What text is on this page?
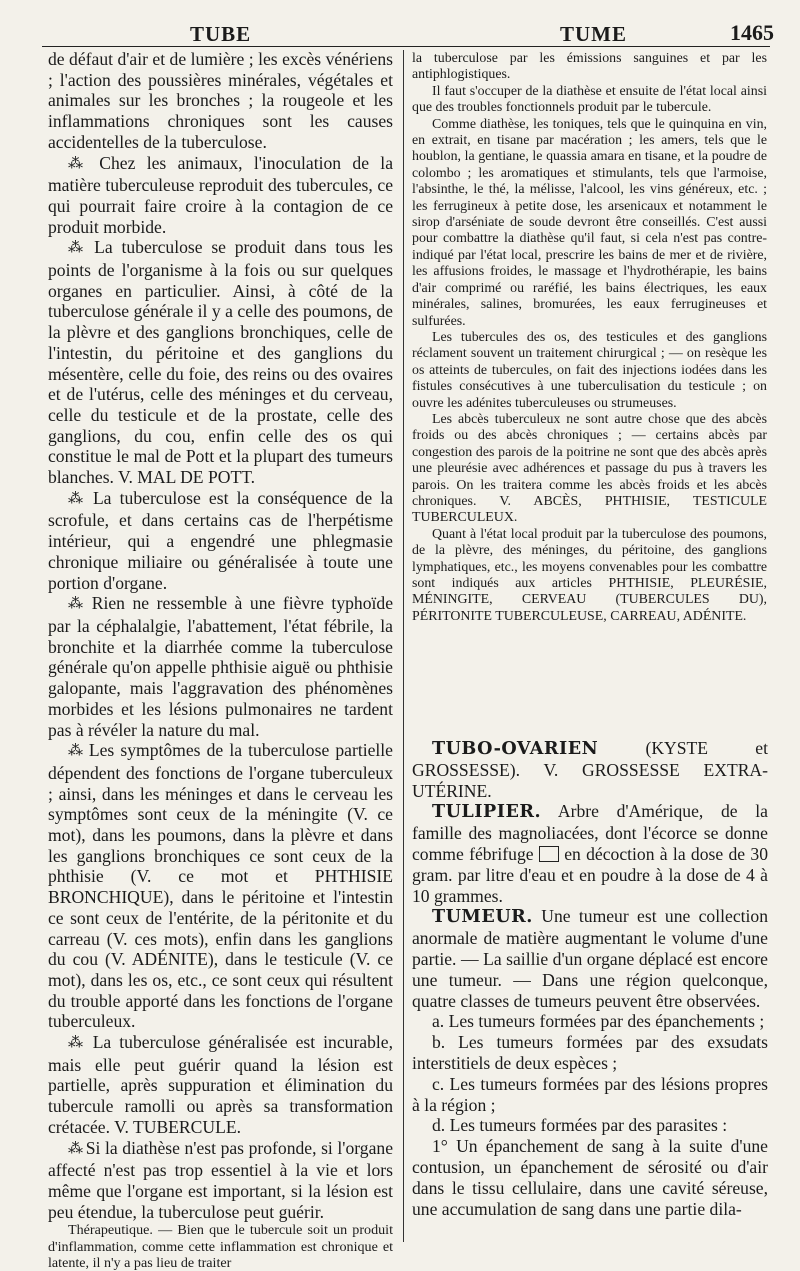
TUBE	TUME	1465

de défaut d'air et de lumière ; les excès vénériens ; l'action des poussières minérales, végétales et animales sur les bronches ; la rougeole et les inflammations chroniques sont les causes accidentelles de la tuberculose.

⁂ Chez les animaux, l'inoculation de la matière tuberculeuse reproduit des tubercules, ce qui pourrait faire croire à la contagion de ce produit morbide.

⁂ La tuberculose se produit dans tous les points de l'organisme à la fois ou sur quelques organes en particulier. Ainsi, à côté de la tuberculose générale il y a celle des poumons, de la plèvre et des ganglions bronchiques, celle de l'intestin, du péritoine et des ganglions du mésentère, celle du foie, des reins ou des ovaires et de l'utérus, celle des méninges et du cerveau, celle du testicule et de la prostate, celle des ganglions, du cou, enfin celle des os qui constitue le mal de Pott et la plupart des tumeurs blanches. V. MAL DE POTT.

⁂ La tuberculose est la conséquence de la scrofule, et dans certains cas de l'herpétisme intérieur, qui a engendré une phlegmasie chronique miliaire ou généralisée à toute une portion d'organe.

⁂ Rien ne ressemble à une fièvre typhoïde par la céphalalgie, l'abattement, l'état fébrile, la bronchite et la diarrhée comme la tuberculose générale qu'on appelle phthisie aiguë ou phthisie galopante, mais l'aggravation des phénomènes morbides et les lésions pulmonaires ne tardent pas à révéler la nature du mal.

⁂ Les symptômes de la tuberculose partielle dépendent des fonctions de l'organe tuberculeux ; ainsi, dans les méninges et dans le cerveau les symptômes sont ceux de la méningite (V. ce mot), dans les poumons, dans la plèvre et dans les ganglions bronchiques ce sont ceux de la phthisie (V. ce mot et PHTHISIE BRONCHIQUE), dans le péritoine et l'intestin ce sont ceux de l'entérite, de la péritonite et du carreau (V. ces mots), enfin dans les ganglions du cou (V. ADÉNITE), dans le testicule (V. ce mot), dans les os, etc., ce sont ceux qui résultent du trouble apporté dans les fonctions de l'organe tuberculeux.

⁂ La tuberculose généralisée est incurable, mais elle peut guérir quand la lésion est partielle, après suppuration et élimination du tubercule ramolli ou après sa transformation crétacée. V. TUBERCULE.

⁂ Si la diathèse n'est pas profonde, si l'organe affecté n'est pas trop essentiel à la vie et lors même que l'organe est important, si la lésion est peu étendue, la tuberculose peut guérir.

Thérapeutique. — Bien que le tubercule soit un produit d'inflammation, comme cette inflammation est chronique et latente, il n'y a pas lieu de traiter

la tuberculose par les émissions sanguines et par les antiphlogistiques.

Il faut s'occuper de la diathèse et ensuite de l'état local ainsi que des troubles fonctionnels produit par le tubercule.

Comme diathèse, les toniques, tels que le quinquina en vin, en extrait, en tisane par macération ; les amers, tels que le houblon, la gentiane, le quassia amara en tisane, et la poudre de colombo ; les aromatiques et stimulants, tels que l'armoise, l'absinthe, le thé, la mélisse, l'alcool, les vins généreux, etc. ; les ferrugineux à petite dose, les arsenicaux et notamment le sirop d'arséniate de soude devront être conseillés. C'est aussi pour combattre la diathèse qu'il faut, si cela n'est pas contre-indiqué par l'état local, prescrire les bains de mer et de rivière, les affusions froides, le massage et l'hydrothérapie, les bains d'air comprimé ou raréfié, les bains électriques, les eaux minérales, salines, bromurées, les eaux ferrugineuses et sulfurées.

Les tubercules des os, des testicules et des ganglions réclament souvent un traitement chirurgical ; — on resèque les os atteints de tubercules, on fait des injections iodées dans les fistules consécutives à une tuberculisation du testicule ; on ouvre les adénites tuberculeuses ou strumeuses.

Les abcès tuberculeux ne sont autre chose que des abcès froids ou des abcès chroniques ; — certains abcès par congestion des parois de la poitrine ne sont que des abcès après une pleurésie avec adhérences et passage du pus à travers les parois. On les traitera comme les abcès froids et les abcès chroniques. V. ABCÈS, PHTHISIE, TESTICULE TUBERCULEUX.

Quant à l'état local produit par la tuberculose des poumons, de la plèvre, des méninges, du péritoine, des ganglions lymphatiques, etc., les moyens convenables pour les combattre sont indiqués aux articles PHTHISIE, PLEURÉSIE, MÉNINGITE, CERVEAU (TUBERCULES DU), PÉRITONITE TUBERCULEUSE, CARREAU, ADÉNITE.

TUBO-OVARIEN	(KYSTE et GROSSESSE). V. GROSSESSE EXTRA-UTÉRINE.

TULIPIER. Arbre d'Amérique, de la famille des magnoliacées, dont l'écorce se donne comme fébrifuge en décoction à la dose de 30 gram. par litre d'eau et en poudre à la dose de 4 à 10 grammes.

TUMEUR. Une tumeur est une collection anormale de matière augmentant le volume d'une partie. — La saillie d'un organe déplacé est encore une tumeur. — Dans une région quelconque, quatre classes de tumeurs peuvent être observées.

a. Les tumeurs formées par des épanchements ;

b. Les tumeurs formées par des exsudats interstitiels de deux espèces ;

c. Les tumeurs formées par des lésions propres à la région ;

d. Les tumeurs formées par des parasites :

1° Un épanchement de sang à la suite d'une contusion, un épanchement de sérosité ou d'air dans le tissu cellulaire, dans une cavité séreuse, une accumulation de sang dans une partie dila-
